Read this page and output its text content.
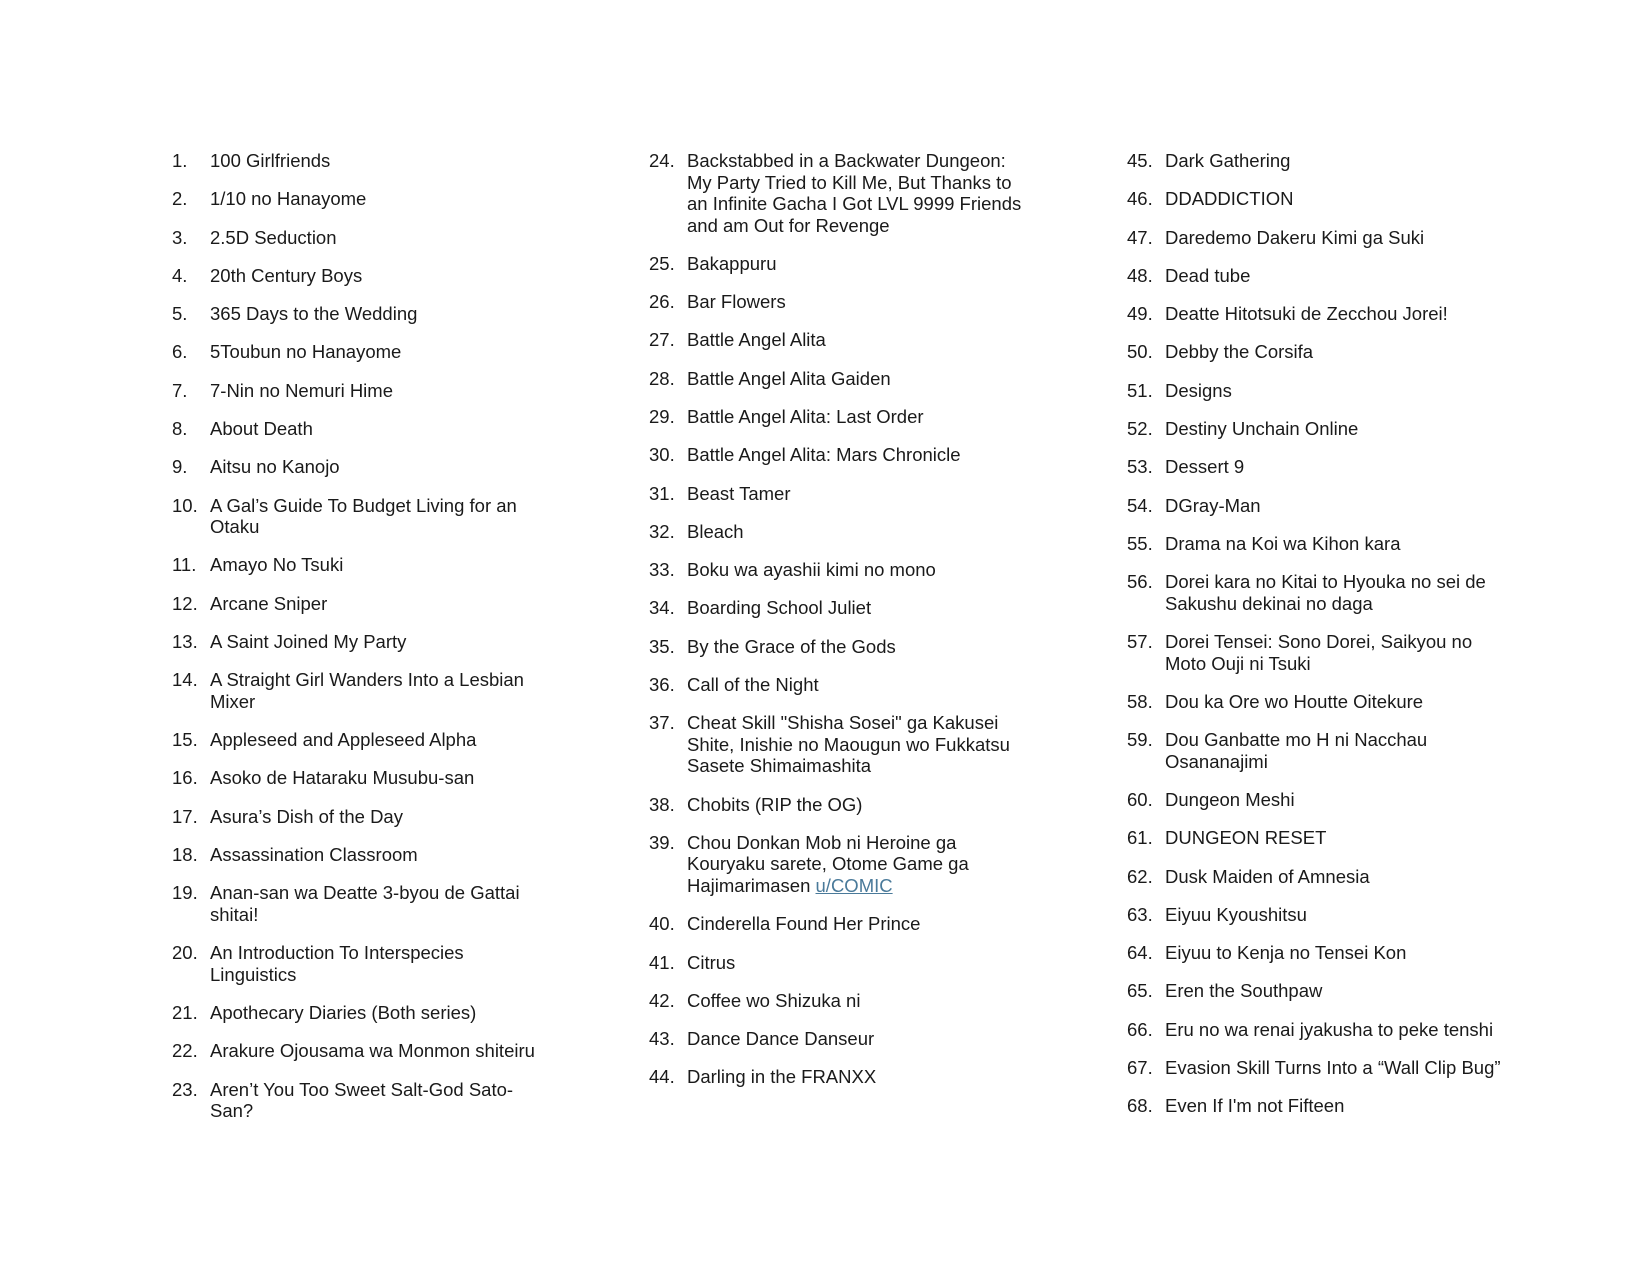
1.	100 Girlfriends
2.	1/10 no Hanayome
3.	2.5D Seduction
4.	20th Century Boys
5.	365 Days to the Wedding
6.	5Toubun no Hanayome
7.	7-Nin no Nemuri Hime
8.	About Death
9.	Aitsu no Kanojo
10. A Gal’s Guide To Budget Living for an
Otaku
11. Amayo No Tsuki
12. Arcane Sniper
13. A Saint Joined My Party
14. A Straight Girl Wanders Into a Lesbian
Mixer
15. Appleseed and Appleseed Alpha
16. Asoko de Hataraku Musubu-san
17. Asura’s Dish of the Day
18. Assassination Classroom
19. Anan-san wa Deatte 3-byou de Gattai
shitai!
20. An Introduction To Interspecies
Linguistics
21. Apothecary Diaries (Both series)
22. Arakure Ojousama wa Monmon shiteiru
23. Aren’t You Too Sweet Salt-God Sato-
San?
24. Backstabbed in a Backwater Dungeon:
My Party Tried to Kill Me, But Thanks to
an Infinite Gacha I Got LVL 9999 Friends
and am Out for Revenge
25. Bakappuru
26. Bar Flowers
27. Battle Angel Alita
28. Battle Angel Alita Gaiden
29. Battle Angel Alita: Last Order
30. Battle Angel Alita: Mars Chronicle
31. Beast Tamer
32. Bleach
33. Boku wa ayashii kimi no mono
34. Boarding School Juliet
35. By the Grace of the Gods
36. Call of the Night
37. Cheat Skill "Shisha Sosei" ga Kakusei
Shite, Inishie no Maougun wo Fukkatsu
Sasete Shimaimashita
38. Chobits (RIP the OG)
39. Chou Donkan Mob ni Heroine ga
Kouryaku sarete, Otome Game ga
Hajimarimasen u/COMIC
40. Cinderella Found Her Prince
41. Citrus
42. Coffee wo Shizuka ni
43. Dance Dance Danseur
44. Darling in the FRANXX
45. Dark Gathering
46. DDADDICTION
47. Daredemo Dakeru Kimi ga Suki
48. Dead tube
49. Deatte Hitotsuki de Zecchou Jorei!
50. Debby the Corsifa
51. Designs
52. Destiny Unchain Online
53. Dessert 9
54. DGray-Man
55. Drama na Koi wa Kihon kara
56. Dorei kara no Kitai to Hyouka no sei de
Sakushu dekinai no daga
57. Dorei Tensei: Sono Dorei, Saikyou no
Moto Ouji ni Tsuki
58. Dou ka Ore wo Houtte Oitekure
59. Dou Ganbatte mo H ni Nacchau
Osananajimi
60. Dungeon Meshi
61. DUNGEON RESET
62. Dusk Maiden of Amnesia
63. Eiyuu Kyoushitsu
64. Eiyuu to Kenja no Tensei Kon
65. Eren the Southpaw
66. Eru no wa renai jyakusha to peke tenshi
67. Evasion Skill Turns Into a “Wall Clip Bug”
68. Even If I'm not Fifteen
